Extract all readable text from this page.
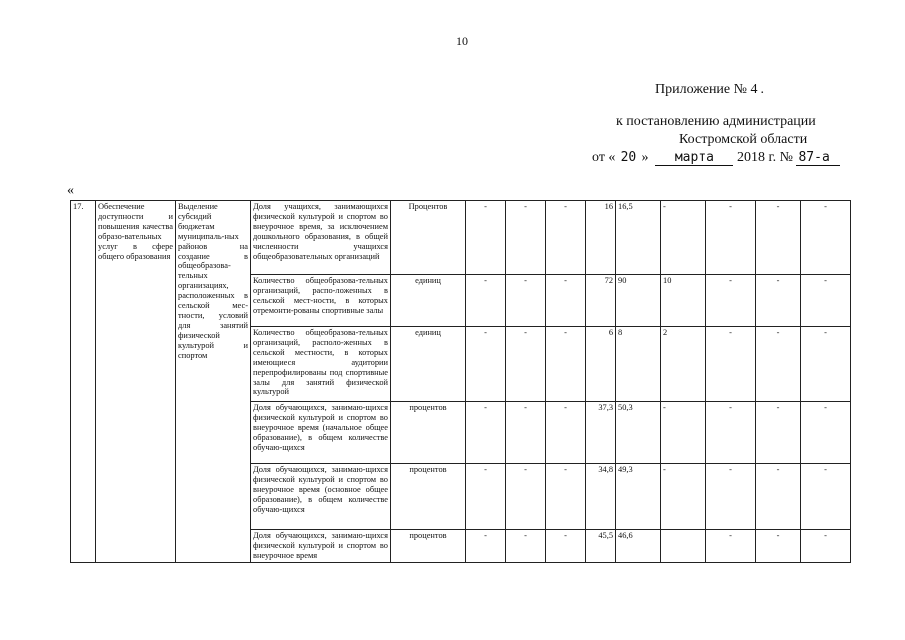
10
Приложение № 4 .
к постановлению администрации
Костромской области
от « 20 » марта 2018 г. № 87-а
«
17.	Обеспечение доступности и повышения качества образо-вательных услуг в сфере общего образования	Выделение субсидий бюджетам муниципаль-ных районов на создание в общеобразова-тельных организациях, расположенных в сельской мес-тности, условий для занятий физической культурой и спортом	Доля учащихся, занимающихся физической культурой и спортом во внеурочное время, за исключением дошкольного образования, в общей численности учащихся общеобразовательных организаций	Процентов	-	-	-	16	16,5	-	-	-	-
			Количество общеобразова-тельных организаций, распо-ложенных в сельской мест-ности, в которых отремонти-рованы спортивные залы	единиц	-	-	-	72	90	10	-	-	-
			Количество общеобразова-тельных организаций, располо-женных в сельской местности, в которых имеющиеся аудитории перепрофилированы под спортивные залы для занятий физической культурой	единиц	-	-	-	6	8	2	-	-	-
			Доля обучающихся, занимаю-щихся физической культурой и спортом во внеурочное время (начальное общее образование), в общем количестве обучаю-щихся	процентов	-	-	-	37,3	50,3	-	-	-	-
			Доля обучающихся, занимаю-щихся физической культурой и спортом во внеурочное время (основное общее образование), в общем количестве обучаю-щихся	процентов	-	-	-	34,8	49,3	-	-	-	-
			Доля обучающихся, занимаю-щихся физической культурой и спортом во внеурочное время	процентов	-	-	-	45,5	46,6		-	-	-
